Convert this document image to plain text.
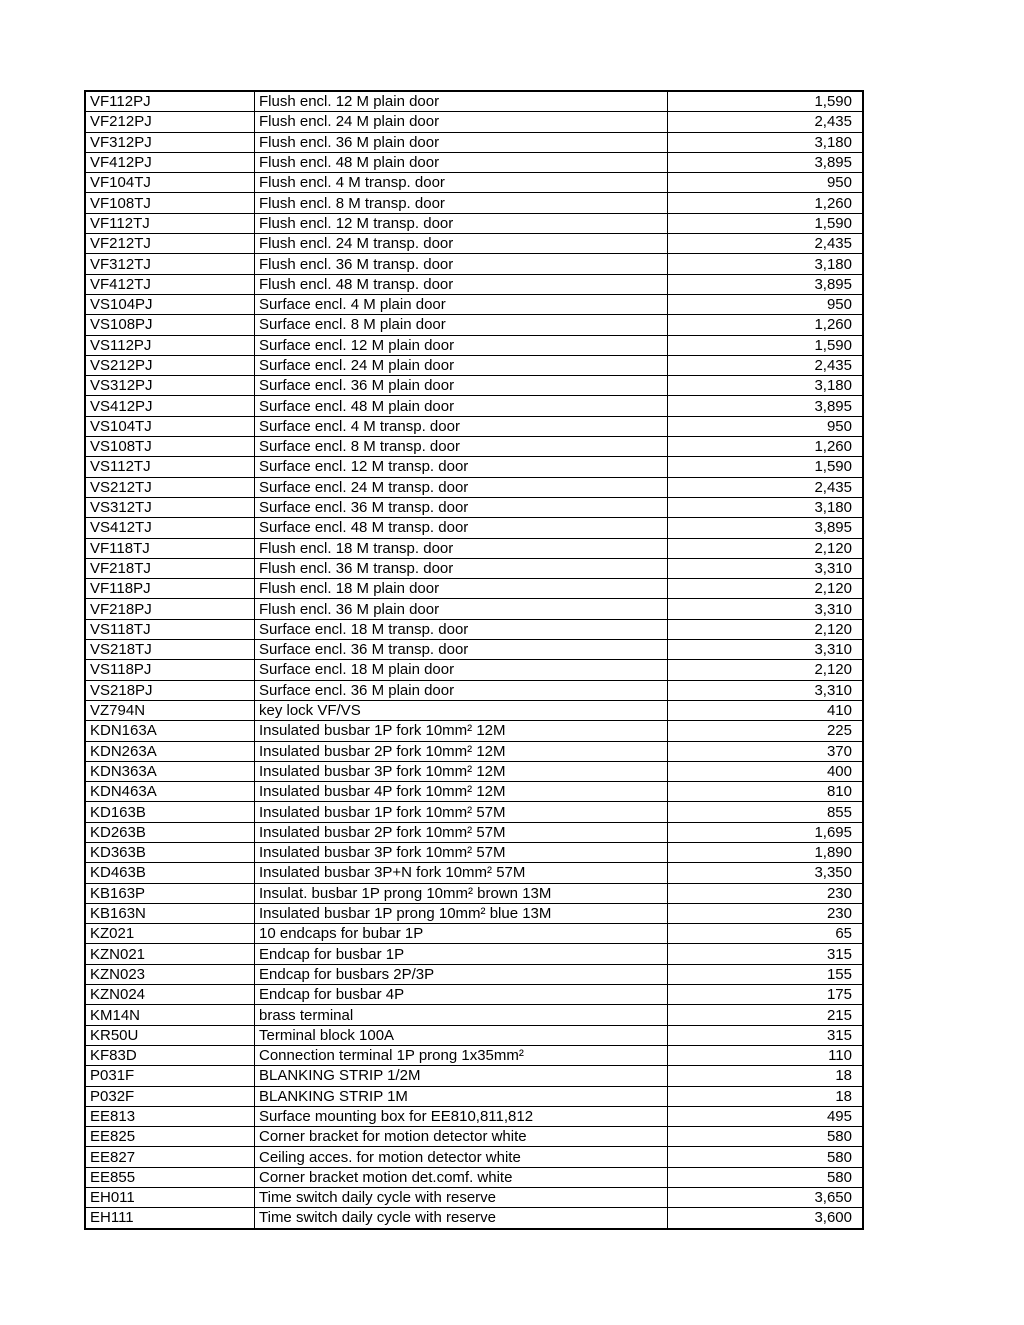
VF112PJ	Flush encl. 12 M plain door	1,590
VF212PJ	Flush encl. 24 M plain door	2,435
VF312PJ	Flush encl. 36 M plain door	3,180
VF412PJ	Flush encl. 48 M plain door	3,895
VF104TJ	Flush encl. 4 M transp. door	950
VF108TJ	Flush encl. 8 M transp. door	1,260
VF112TJ	Flush encl. 12 M transp. door	1,590
VF212TJ	Flush encl. 24 M transp. door	2,435
VF312TJ	Flush encl. 36 M transp. door	3,180
VF412TJ	Flush encl. 48 M transp. door	3,895
VS104PJ	Surface encl. 4 M plain door	950
VS108PJ	Surface encl. 8 M plain door	1,260
VS112PJ	Surface encl. 12 M plain door	1,590
VS212PJ	Surface encl. 24 M plain door	2,435
VS312PJ	Surface encl. 36 M plain door	3,180
VS412PJ	Surface encl. 48 M plain door	3,895
VS104TJ	Surface encl. 4 M transp. door	950
VS108TJ	Surface encl. 8 M transp. door	1,260
VS112TJ	Surface encl. 12 M transp. door	1,590
VS212TJ	Surface encl. 24 M transp. door	2,435
VS312TJ	Surface encl. 36 M transp. door	3,180
VS412TJ	Surface encl. 48 M transp. door	3,895
VF118TJ	Flush encl. 18 M transp. door	2,120
VF218TJ	Flush encl. 36 M transp. door	3,310
VF118PJ	Flush encl. 18 M plain door	2,120
VF218PJ	Flush encl. 36 M plain door	3,310
VS118TJ	Surface encl. 18 M transp. door	2,120
VS218TJ	Surface encl. 36 M transp. door	3,310
VS118PJ	Surface encl. 18 M plain door	2,120
VS218PJ	Surface encl. 36 M plain door	3,310
VZ794N	key lock VF/VS	410
KDN163A	Insulated busbar 1P fork 10mm² 12M	225
KDN263A	Insulated busbar 2P fork 10mm² 12M	370
KDN363A	Insulated busbar 3P fork 10mm² 12M	400
KDN463A	Insulated busbar 4P fork 10mm² 12M	810
KD163B	Insulated busbar 1P fork 10mm² 57M	855
KD263B	Insulated busbar 2P fork 10mm² 57M	1,695
KD363B	Insulated busbar 3P fork 10mm² 57M	1,890
KD463B	Insulated busbar 3P+N fork 10mm² 57M	3,350
KB163P	Insulat. busbar 1P prong 10mm² brown 13M	230
KB163N	Insulated busbar 1P prong 10mm² blue 13M	230
KZ021	10 endcaps for bubar 1P	65
KZN021	Endcap for busbar 1P	315
KZN023	Endcap for busbars 2P/3P	155
KZN024	Endcap for busbar 4P	175
KM14N	brass terminal	215
KR50U	Terminal block 100A	315
KF83D	Connection terminal 1P prong 1x35mm²	110
P031F	BLANKING STRIP 1/2M	18
P032F	BLANKING STRIP 1M	18
EE813	Surface mounting box for EE810,811,812	495
EE825	Corner bracket for motion detector white	580
EE827	Ceiling acces. for motion detector white	580
EE855	Corner bracket motion det.comf. white	580
EH011	Time switch daily cycle with reserve	3,650
EH111	Time switch daily cycle with reserve	3,600
